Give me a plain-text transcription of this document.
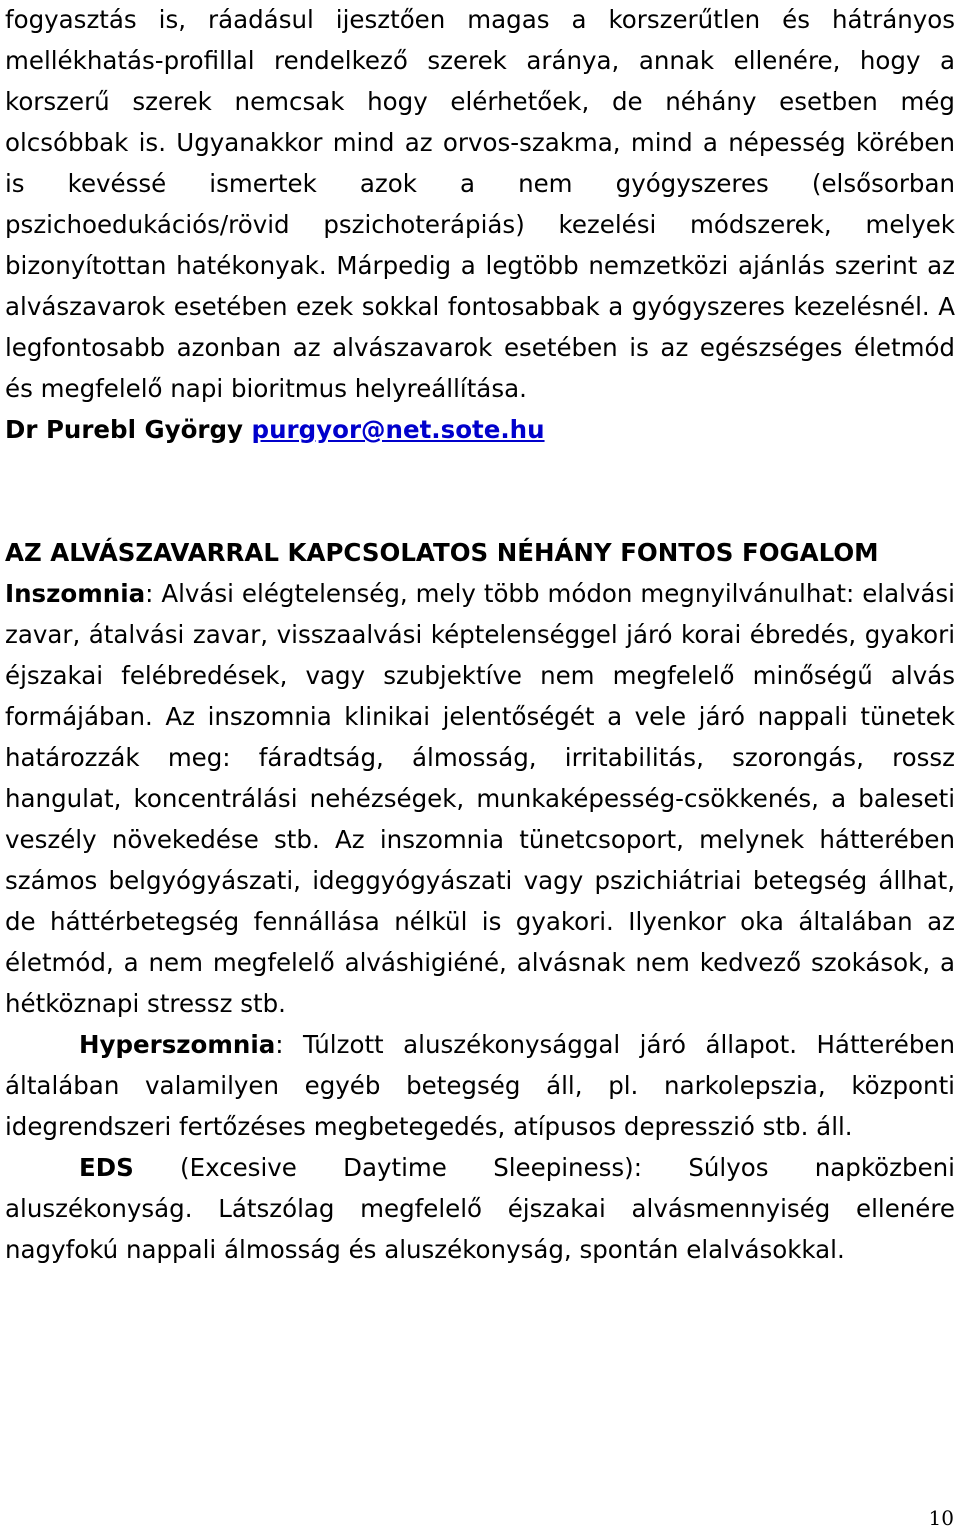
fogyasztás is, ráadásul ijesztően magas a korszerűtlen és hátrányos mellékhatás-profillal rendelkező szerek aránya, annak ellenére, hogy a korszerű szerek nemcsak hogy elérhetőek, de néhány esetben még olcsóbbak is. Ugyanakkor mind az orvos-szakma, mind a népesség körében is kevéssé ismertek azok a nem gyógyszeres (elsősorban pszichoedukációs/rövid pszichoterápiás) kezelési módszerek, melyek bizonyítottan hatékonyak. Márpedig a legtöbb nemzetközi ajánlás szerint az alvászavarok esetében ezek sokkal fontosabbak a gyógyszeres kezelésnél. A legfontosabb azonban az alvászavarok esetében is az egészséges életmód és megfelelő napi bioritmus helyreállítása.

Dr Purebl György purgyor@net.sote.hu

AZ ALVÁSZAVARRAL KAPCSOLATOS NÉHÁNY FONTOS FOGALOM

Inszomnia: Alvási elégtelenség, mely több módon megnyilvánulhat: elalvási zavar, átalvási zavar, visszaalvási képtelenséggel járó korai ébredés, gyakori éjszakai felébredések, vagy szubjektíve nem megfelelő minőségű alvás formájában. Az inszomnia klinikai jelentőségét a vele járó nappali tünetek határozzák meg: fáradtság, álmosság, irritabilitás, szorongás, rossz hangulat, koncentrálási nehézségek, munkaképesség-csökkenés, a baleseti veszély növekedése stb. Az inszomnia tünetcsoport, melynek hátterében számos belgyógyászati, ideggyógyászati vagy pszichiátriai betegség állhat, de háttérbetegség fennállása nélkül is gyakori. Ilyenkor oka általában az életmód, a nem megfelelő alváshigiéné, alvásnak nem kedvező szokások, a hétköznapi stressz stb.

Hyperszomnia: Túlzott aluszékonysággal járó állapot. Hátterében általában valamilyen egyéb betegség áll, pl. narkolepszia, központi idegrendszeri fertőzéses megbetegedés, atípusos depresszió stb. áll.

EDS (Excesive Daytime Sleepiness): Súlyos napközbeni aluszékonyság. Látszólag megfelelő éjszakai alvásmennyiség ellenére nagyfokú nappali álmosság és aluszékonyság, spontán elalvásokkal.

10
